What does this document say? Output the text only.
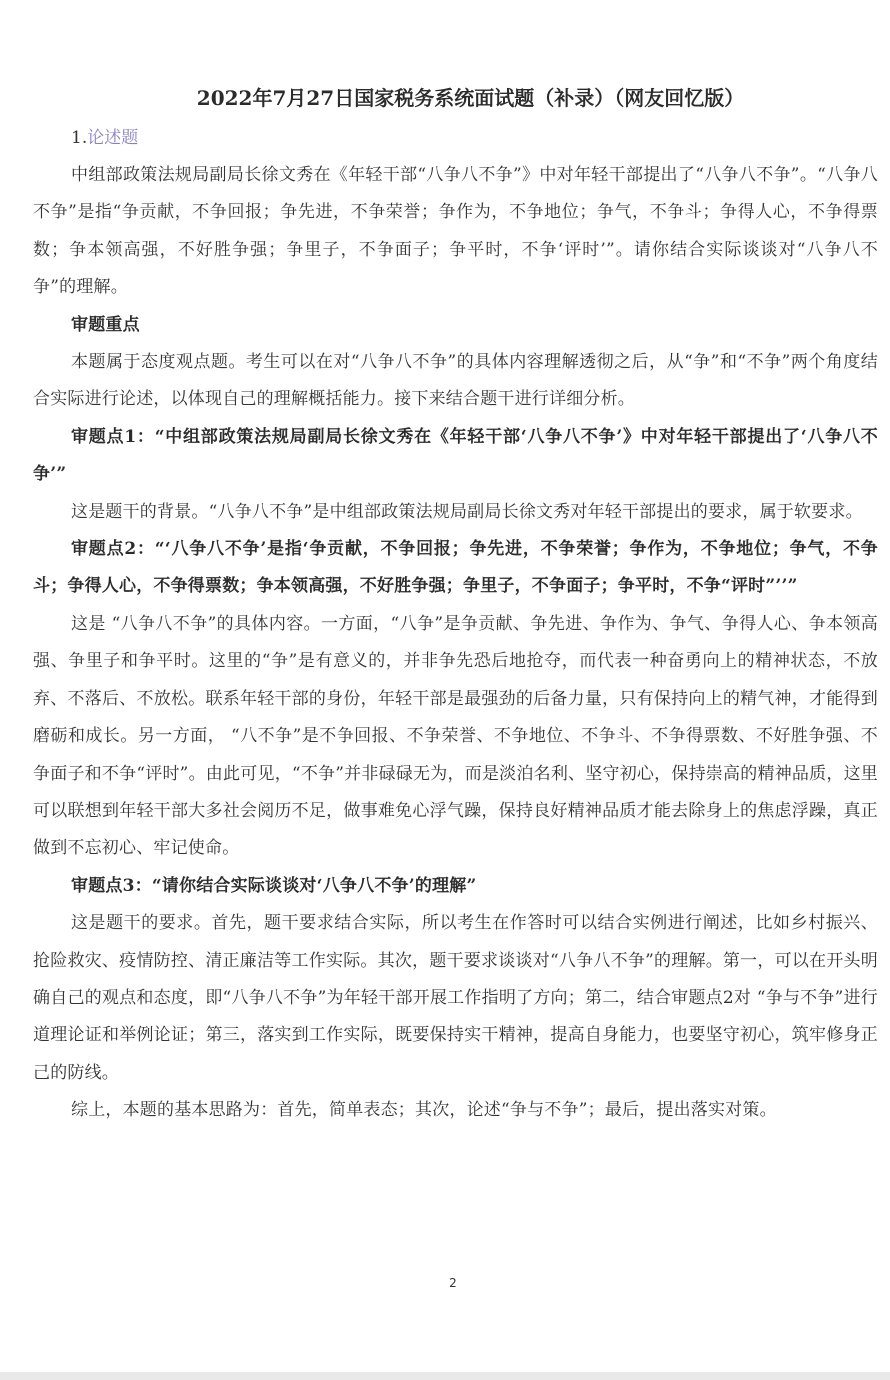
2022年7月27日国家税务系统面试题（补录）（网友回忆版）
1.论述题

中组部政策法规局副局长徐文秀在《年轻干部“八争八不争”》中对年轻干部提出了“八争八不争”。“八争八不争”是指“争贡献，不争回报；争先进，不争荣誉；争作为，不争地位；争气，不争斗；争得人心，不争得票数；争本领高强，不好胜争强；争里子，不争面子；争平时，不争‘评时’”。请你结合实际谈谈对“八争八不争”的理解。

审题重点

本题属于态度观点题。考生可以在对“八争八不争”的具体内容理解透彻之后，从“争”和“不争”两个角度结合实际进行论述，以体现自己的理解概括能力。接下来结合题干进行详细分析。

审题点1：“中组部政策法规局副局长徐文秀在《年轻干部‘八争八不争’》中对年轻干部提出了‘八争八不争’”

这是题干的背景。“八争八不争”是中组部政策法规局副局长徐文秀对年轻干部提出的要求，属于软要求。

审题点2：“‘八争八不争’是指‘争贡献，不争回报；争先进，不争荣誉；争作为，不争地位；争气，不争斗；争得人心，不争得票数；争本领高强，不好胜争强；争里子，不争面子；争平时，不争“评时”’’”

这是 “八争八不争”的具体内容。一方面，“八争”是争贡献、争先进、争作为、争气、争得人心、争本领高强、争里子和争平时。这里的“争”是有意义的，并非争先恐后地抢夺，而代表一种奋勇向上的精神状态，不放弃、不落后、不放松。联系年轻干部的身份，年轻干部是最强劲的后备力量，只有保持向上的精气神，才能得到磨砺和成长。另一方面， “八不争”是不争回报、不争荣誉、不争地位、不争斗、不争得票数、不好胜争强、不争面子和不争“评时”。由此可见，“不争”并非碌碌无为，而是淡泊名利、坚守初心，保持崇高的精神品质，这里可以联想到年轻干部大多社会阅历不足，做事难免心浮气躁，保持良好精神品质才能去除身上的焦虑浮躁，真正做到不忘初心、牢记使命。

审题点3：“请你结合实际谈谈对‘八争八不争’的理解”

这是题干的要求。首先，题干要求结合实际，所以考生在作答时可以结合实例进行阐述，比如乡村振兴、抢险救灾、疫情防控、清正廉洁等工作实际。其次，题干要求谈谈对“八争八不争”的理解。第一，可以在开头明确自己的观点和态度，即“八争八不争”为年轻干部开展工作指明了方向；第二，结合审题点2对 “争与不争”进行道理论证和举例论证；第三，落实到工作实际，既要保持实干精神，提高自身能力，也要坚守初心，筑牢修身正己的防线。

综上，本题的基本思路为：首先，简单表态；其次，论述“争与不争”；最后，提出落实对策。

2
